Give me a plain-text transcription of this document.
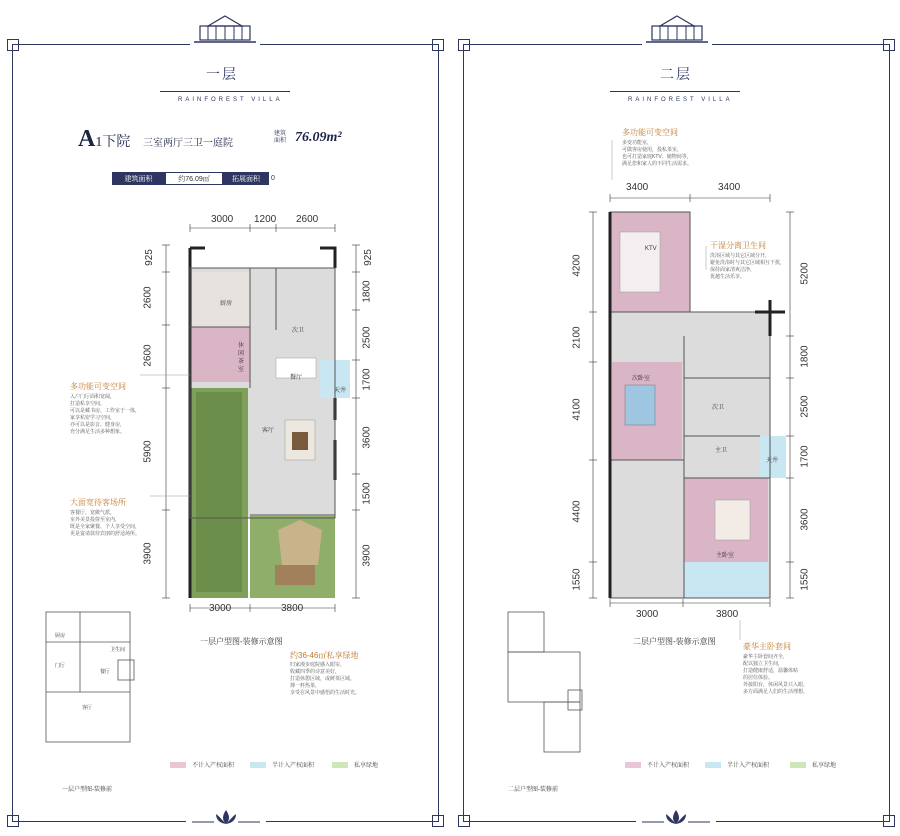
一层
RAINFOREST VILLA
A1下院 三室两厅三卫一庭院
建筑
面积 76.09m²
建筑面积	约76.09㎡	拓展面积	0
3000 1200 2600
3000	3800
925
2600
2600
5900
3900
925
1800
2500
1700
3600
1500
3900
厨房
次卫
休闲茶室
餐厅
客厅
天井
多功能可变空间
入户门厅面积宽阔，
打造私享空间，
可以是藏书房、工作室于一体，
家享私密学习空间，
亦可以是影音、健身房，
充分满足生活多种想象。
大面宽待客场所
客餐厅，宽敞气派，
室外美景投射至室内，
既是全家聚餐、个人享受空间，
更是宴请款待宾朋的舒适场所。
约36-46㎡私享绿地
归家漫步庭院感入眼帘，
收藏四季的诗意美好，
打造休憩区域，或鲜茶区域，
撑一杯热茶，
享受在风景中感悟的生活时光。
一层户型图-装修示意图
一层户型图-装修前
厨房
卫生间
门厅
餐厅
客厅
不计入产权面积	半计入产权面积	私享绿地
二层
RAINFOREST VILLA
3400	3400
3000	3800
4200
2100
4100
4400
1550
5200
1800
2500
1700
3600
1550
KTV
次卧室
次卫
主卫
天井
主卧室
多功能可变空间
多变功能室，
可做客房使用，投私茶室，
也可打造家庭KTV、储物间等，
满足您和家人的不同生活需求。
干湿分离卫生间
洗浴区域与其它区域分开，
避免洗浴时与其它区域相互干扰，
保持面家清爽洁净，
优越生活乐享。
豪华主卧套间
豪华主卧套间齐全，
配以独立卫生间，
打造健康舒适，温馨体贴
的居住体验。
外接阳台，休闲风景只入眼，
多方面满足人们的生活理想。
二层户型图-装修示意图
二层户型图-装修前
不计入产权面积	半计入产权面积	私享绿地
